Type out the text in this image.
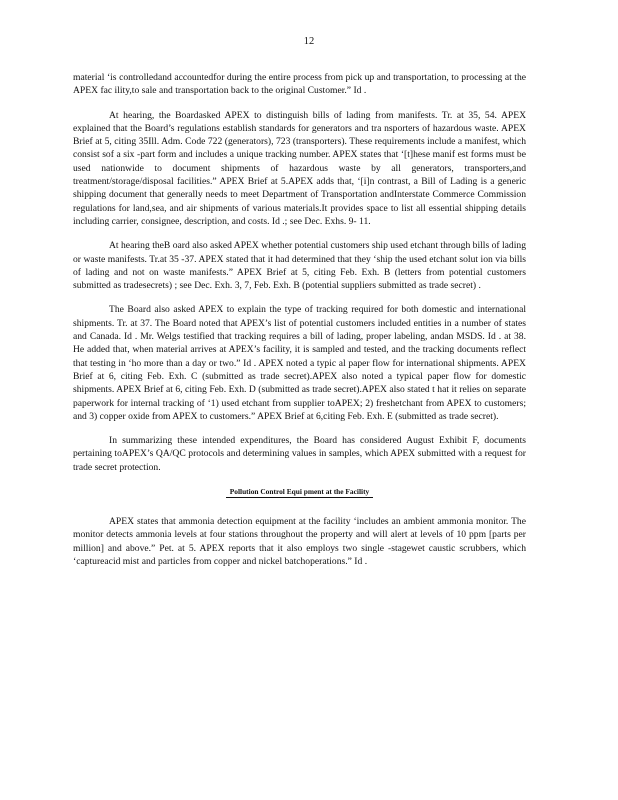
12

material ‘is controlledand accountedfor during the entire process from pick up and transportation, to processing at the APEX fac ility,to sale and transportation back to the original Customer.” Id .

At hearing, the Boardasked APEX to distinguish bills of lading from manifests. Tr. at 35, 54. APEX explained that the Board’s regulations establish standards for generators and tra nsporters of hazardous waste. APEX Brief at 5, citing 35Ill. Adm. Code 722 (generators), 723 (transporters). These requirements include a manifest, which consist sof a six -part form and includes a unique tracking number. APEX states that ‘[t]hese manif est forms must be used nationwide to document shipments of hazardous waste by all generators, transporters,and treatment/storage/disposal facilities.” APEX Brief at 5.APEX adds that, ‘[i]n contrast, a Bill of Lading is a generic shipping document that generally needs to meet Department of Transportation andInterstate Commerce Commission regulations for land,sea, and air shipments of various materials.It provides space to list all essential shipping details including carrier, consignee, description, and costs. Id .; see Dec. Exhs. 9- 11.

At hearing theB oard also asked APEX whether potential customers ship used etchant through bills of lading or waste manifests. Tr.at 35 -37. APEX stated that it had determined that they ‘ship the used etchant solut ion via bills of lading and not on waste manifests.” APEX Brief at 5, citing Feb. Exh. B (letters from potential customers submitted as tradesecrets) ; see Dec. Exh. 3, 7, Feb. Exh. B (potential suppliers submitted as trade secret) .

The Board also asked APEX to explain the type of tracking required for both domestic and international shipments. Tr. at 37. The Board noted that APEX’s list of potential customers included entities in a number of states and Canada. Id . Mr. Welgs testified that tracking requires a bill of lading, proper labeling, andan MSDS. Id . at 38. He added that, when material arrives at APEX’s facility, it is sampled and tested, and the tracking documents reflect that testing in ‘ho more than a day or two.” Id . APEX noted a typic al paper flow for international shipments. APEX Brief at 6, citing Feb. Exh. C (submitted as trade secret).APEX also noted a typical paper flow for domestic shipments. APEX Brief at 6, citing Feb. Exh. D (submitted as trade secret).APEX also stated t hat it relies on separate paperwork for internal tracking of ‘1) used etchant from supplier toAPEX; 2) freshetchant from APEX to customers; and 3) copper oxide from APEX to customers.” APEX Brief at 6,citing Feb. Exh. E (submitted as trade secret).

In summarizing these intended expenditures, the Board has considered August Exhibit F, documents pertaining toAPEX’s QA/QC protocols and determining values in samples, which APEX submitted with a request for trade secret protection.

Pollution Control Equi pment at the Facility

APEX states that ammonia detection equipment at the facility ‘includes an ambient ammonia monitor. The monitor detects ammonia levels at four stations throughout the property and will alert at levels of 10 ppm [parts per million] and above.” Pet. at 5. APEX reports that it also employs two single -stagewet caustic scrubbers, which ‘captureacid mist and particles from copper and nickel batchoperations.” Id .
